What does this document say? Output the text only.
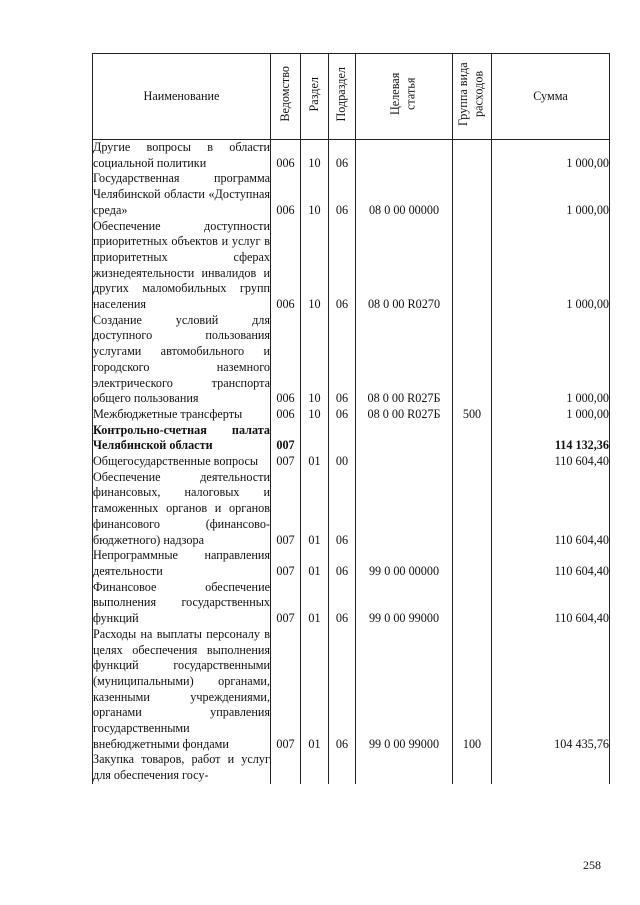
Наименование	Ведомство	Раздел	Подраздел	Целевая статья	Группа вида расходов	Сумма
Другие вопросы в области социальной политики	006	10	06			1 000,00
Государственная программа Челябинской области «Доступная среда»	006	10	06	08 0 00 00000		1 000,00
Обеспечение доступности приоритетных объектов и услуг в приоритетных сферах жизнедеятельности инвалидов и других маломобильных групп населения	006	10	06	08 0 00 R0270		1 000,00
Создание условий для доступного пользования услугами автомобильного и городского наземного электрического транспорта общего пользования	006	10	06	08 0 00 R027Б		1 000,00
Межбюджетные трансферты	006	10	06	08 0 00 R027Б	500	1 000,00
Контрольно-счетная палата Челябинской области	007					114 132,36
Общегосударственные вопросы	007	01	00			110 604,40
Обеспечение деятельности финансовых, налоговых и таможенных органов и органов финансового (финансово-бюджетного) надзора	007	01	06			110 604,40
Непрограммные направления деятельности	007	01	06	99 0 00 00000		110 604,40
Финансовое обеспечение выполнения государственных функций	007	01	06	99 0 00 99000		110 604,40
Расходы на выплаты персоналу в целях обеспечения выполнения функций государственными (муниципальными) органами, казенными учреждениями, органами управления государственными внебюджетными фондами	007	01	06	99 0 00 99000	100	104 435,76
Закупка товаров, работ и услуг для обеспечения госу-						
258
